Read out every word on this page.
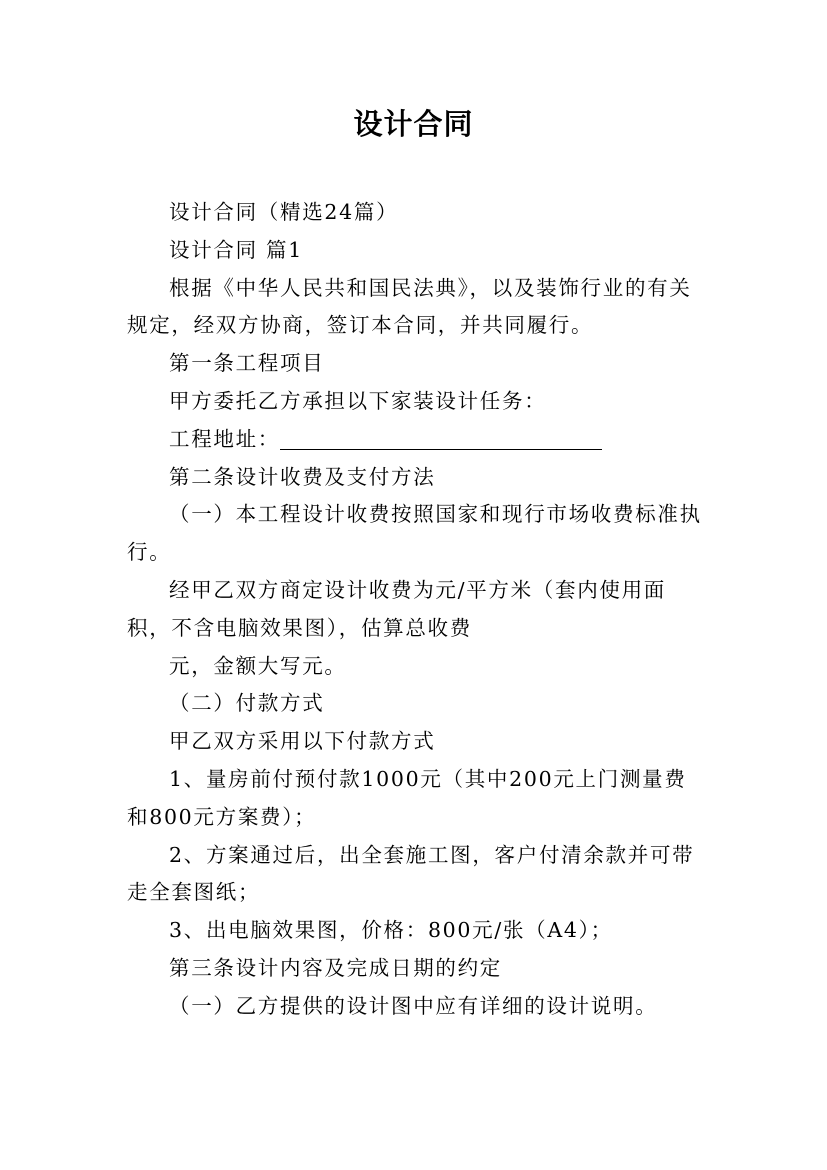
设计合同

设计合同（精选24篇）

设计合同 篇1

根据《中华人民共和国民法典》，以及装饰行业的有关规定，经双方协商，签订本合同，并共同履行。

第一条工程项目

甲方委托乙方承担以下家装设计任务：

工程地址：

第二条设计收费及支付方法

（一）本工程设计收费按照国家和现行市场收费标准执行。

经甲乙双方商定设计收费为元/平方米（套内使用面积，不含电脑效果图），估算总收费

元，金额大写元。

（二）付款方式

甲乙双方采用以下付款方式

1、量房前付预付款1000元（其中200元上门测量费和800元方案费）；

2、方案通过后，出全套施工图，客户付清余款并可带走全套图纸；

3、出电脑效果图，价格：800元/张（A4）；

第三条设计内容及完成日期的约定

（一）乙方提供的设计图中应有详细的设计说明。
